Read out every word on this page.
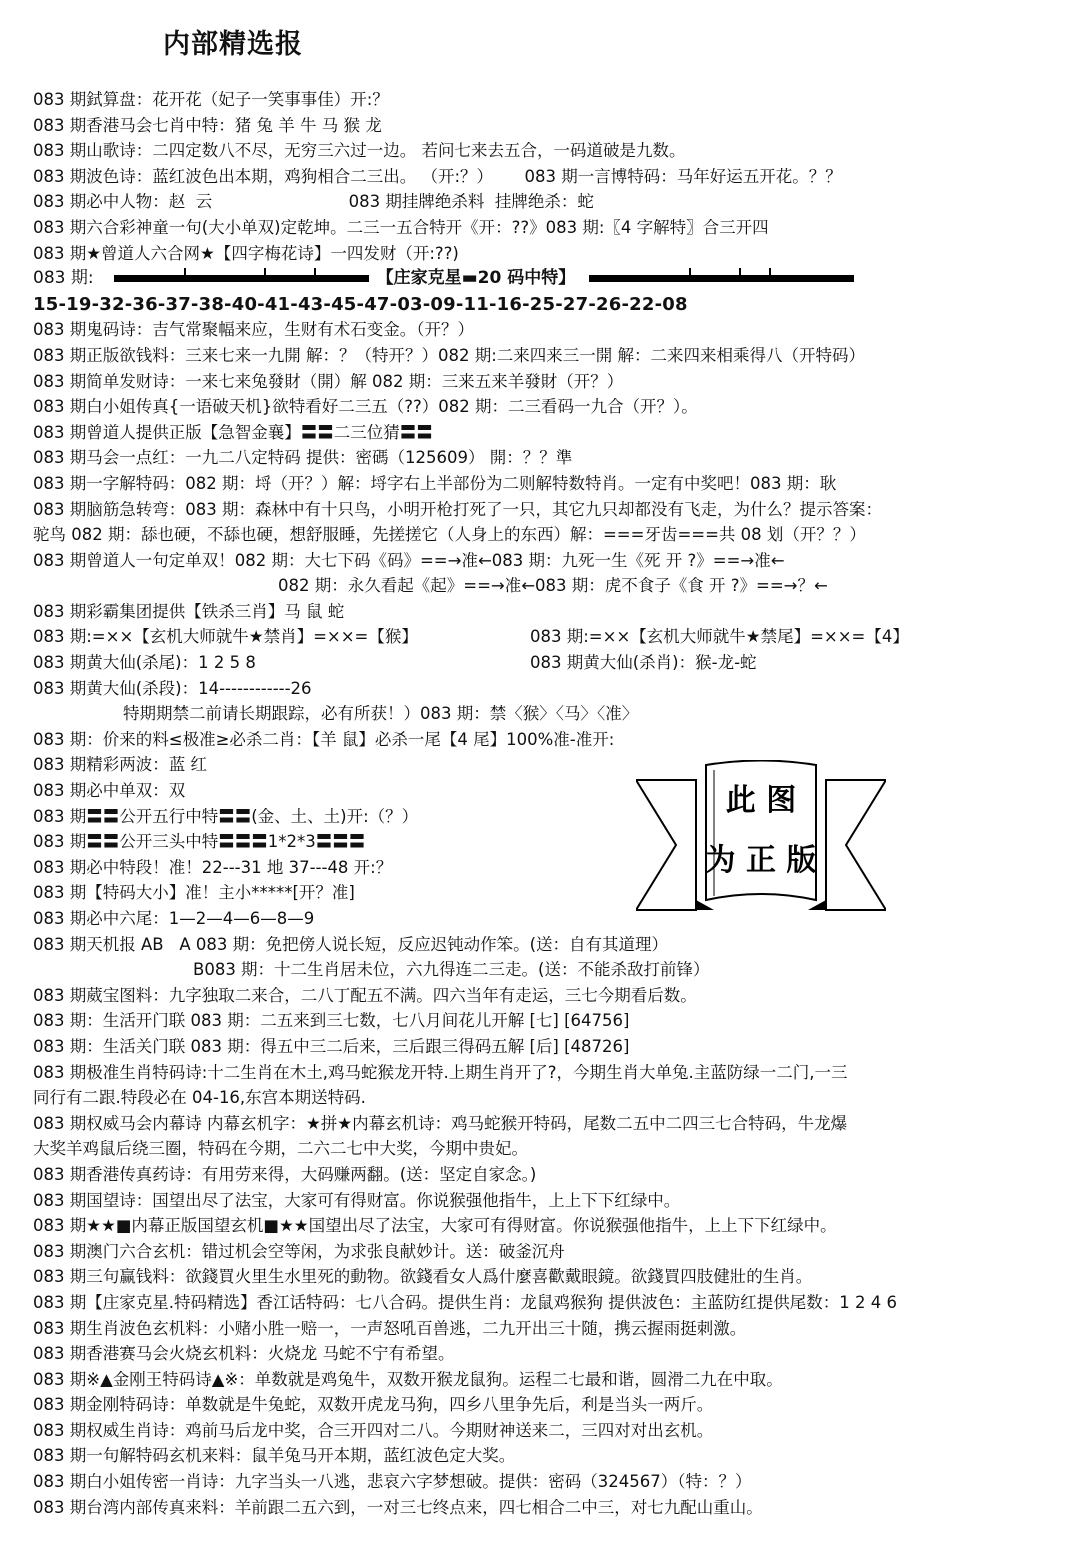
内部精选报
083 期鉽算盘：花开花（妃子一笑事事佳）开:？
083 期香港马会七肖中特：猪 兔 羊 牛 马 猴 龙
083 期山歌诗：二四定数八不尽，无穷三六过一边。 若问七来去五合，一码道破是九数。
083 期波色诗：蓝红波色出本期，鸡狗相合二三出。 （开:？）      083 期一言博特码：马年好运五开花。？？
083 期必中人物：赵  云                          083 期挂牌绝杀料  挂牌绝杀：蛇
083 期六合彩神童一句(大小单双)定乾坤。二三一五合特开《开：??》083 期:〖4 字解特〗合三开四
083 期★曾道人六合网★【四字梅花诗】一四发财（开:??)
083 期:	【庄家克星▬20 码中特】
15-19-32-36-37-38-40-41-43-45-47-03-09-11-16-25-27-26-22-08
083 期鬼码诗：吉气常聚幅来应，生财有术石变金。（开？）
083 期正版欲钱料：三来七来一九開 解：？（特开？）082 期:二来四来三一開 解：二来四来相乘得八（开特码）
083 期简单发财诗：一来七来兔發財（開）解 082 期：三来五来羊發財（开？）
083 期白小姐传真{一语破天机}欲特看好二三五（??）082 期：二三看码一九合（开？）。
083 期曾道人提供正版【急智金襄】〓〓二三位猜〓〓
083 期马会一点红：一九二八定特码 提供：密碼（125609） 開：？？準
083 期一字解特码：082 期：埒（开？）解：埒字右上半部份为二则解特数特肖。一定有中奖吧！083 期：耿
083 期脑筋急转弯：083 期：森林中有十只鸟，小明开枪打死了一只，其它九只却都没有飞走，为什么？提示答案：
驼鸟 082 期：舔也硬，不舔也硬，想舒服睡，先搓搓它（人身上的东西）解：===牙齿===共 08 划（开？？）
083 期曾道人一句定单双！082 期：大七下码《码》==→准←083 期：九死一生《死 开 ?》==→准←
082 期：永久看起《起》==→准←083 期：虎不食子《食 开 ?》==→？←
083 期彩霸集团提供【铁杀三肖】马 鼠 蛇
083 期:=××【玄机大师就牛★禁肖】=××=【猴】	083 期:=××【玄机大师就牛★禁尾】=××=【4】
083 期黄大仙(杀尾)：1 2 5 8	083 期黄大仙(杀肖)：猴-龙-蛇
083 期黄大仙(杀段)：14------------26
特期期禁二前请长期跟踪，必有所获！）083 期：禁〈猴〉〈马〉〈准〉
083 期：价来的料≤极准≥必杀二肖：【羊 鼠】必杀一尾【4 尾】100%准-准开:
083 期精彩两波：蓝 红
083 期必中单双：双
083 期〓〓公开五行中特〓〓(金、土、土)开:（？）
083 期〓〓公开三头中特〓〓〓1*2*3〓〓〓
083 期必中特段！准！22---31 地 37---48 开:？
083 期【特码大小】准！主小*****[开？准]
083 期必中六尾：1—2—4—6—8—9
083 期天机报 AB   A 083 期：免把傍人说长短，反应迟钝动作笨。(送：自有其道理）
B083 期：十二生肖居未位，六九得连二三走。(送：不能杀敌打前锋）
083 期葳宝图料：九字独取二来合，二八丁配五不满。四六当年有走运，三七今期看后数。
083 期：生活开门联 083 期：二五来到三七数，七八月间花儿开解 [七] [64756]
083 期：生活关门联 083 期：得五中三二后来，三后跟三得码五解 [后] [48726]
083 期极准生肖特码诗:十二生肖在木土,鸡马蛇猴龙开特.上期生肖开了?，今期生肖大单兔.主蓝防绿一二门,一三
同行有二跟.特段必在 04-16,东宫本期送特码.
083 期权威马会内幕诗 内幕玄机字：★拼★内幕玄机诗：鸡马蛇猴开特码，尾数二五中二四三七合特码，牛龙爆
大奖羊鸡鼠后绕三圈，特码在今期，二六二七中大奖，今期中贵妃。
083 期香港传真药诗：有用劳来得，大码赚两翻。(送：坚定自家念。)
083 期国望诗：国望出尽了法宝，大家可有得财富。你说猴强他指牛，上上下下红绿中。
083 期★★■内幕正版国望玄机■★★国望出尽了法宝，大家可有得财富。你说猴强他指牛，上上下下红绿中。
083 期澳门六合玄机：错过机会空等闲，为求张良献妙计。送：破釜沉舟
083 期三句赢钱料：欲錢買火里生水里死的動物。欲錢看女人爲什麼喜歡戴眼鏡。欲錢買四肢健壯的生肖。
083 期【庄家克星.特码精选】香江话特码：七八合码。提供生肖：龙鼠鸡猴狗 提供波色：主蓝防红提供尾数：1 2 4 6
083 期生肖波色玄机料：小赌小胜一赔一，一声怒吼百兽逃，二九开出三十随，携云握雨挺刺激。
083 期香港赛马会火烧玄机料：火烧龙 马蛇不宁有希望。
083 期※▲金刚王特码诗▲※：单数就是鸡兔牛，双数开猴龙鼠狗。运程二七最和谐，圆滑二九在中取。
083 期金刚特码诗：单数就是牛兔蛇，双数开虎龙马狗，四乡八里争先后，利是当头一两斤。
083 期权威生肖诗：鸡前马后龙中奖，合三开四对二八。今期财神送来二，三四对对出玄机。
083 期一句解特码玄机来料：鼠羊兔马开本期，蓝红波色定大奖。
083 期白小姐传密一肖诗：九字当头一八逃，悲哀六字梦想破。提供：密码（324567）（特：？）
083 期台湾内部传真来料：羊前跟二五六到，一对三七终点来，四七相合二中三，对七九配山重山。
此 图
为 正 版
